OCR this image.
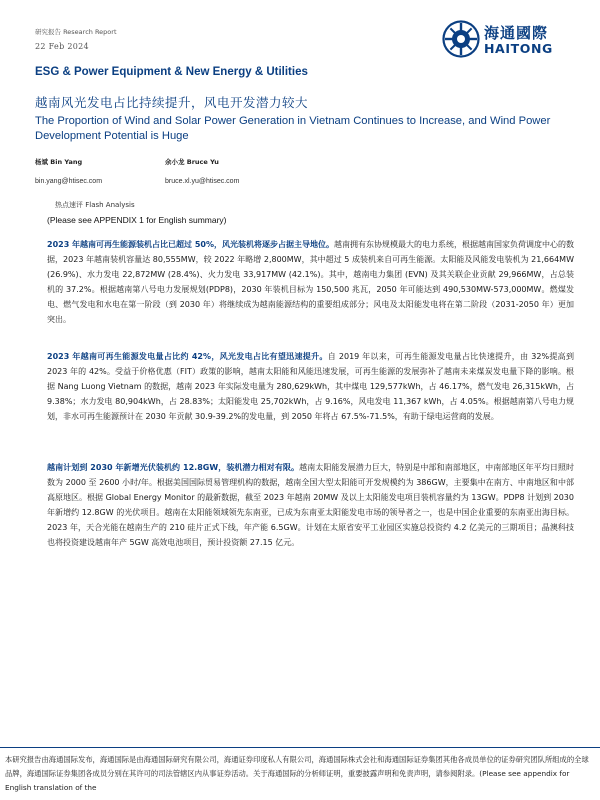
研究报告 Research Report
22 Feb 2024
海通國際
HAITONG
ESG & Power Equipment & New Energy & Utilities
越南风光发电占比持续提升，风电开发潜力较大
The Proportion of Wind and Solar Power Generation in Vietnam Continues to Increase, and Wind Power Development Potential is Huge
杨斌 Bin Yang
bin.yang@htisec.com
余小龙 Bruce Yu
bruce.xl.yu@htisec.com
热点速评 Flash Analysis
(Please see APPENDIX 1 for English summary)
2023 年越南可再生能源装机占比已超过 50%，风光装机将逐步占据主导地位。越南拥有东协规模最大的电力系统，根据越南国家负荷调度中心的数据，2023 年越南装机容量达 80,555MW，较 2022 年略增 2,800MW，其中超过 5 成装机来自可再生能源。太阳能及风能发电装机为 21,664MW (26.9%)、水力发电 22,872MW (28.4%)、火力发电 33,917MW (42.1%)。其中，越南电力集团 (EVN) 及其关联企业贡献 29,966MW，占总装机的 37.2%。根据越南第八号电力发展规划(PDP8)，2030 年装机目标为 150,500 兆瓦，2050 年可能达到 490,530MW-573,000MW。燃煤发电、燃气发电和水电在第一阶段（到 2030 年）将继续成为越南能源结构的重要组成部分；风电及太阳能发电将在第二阶段（2031-2050 年）更加突出。
2023 年越南可再生能源发电量占比约 42%，风光发电占比有望迅速提升。自 2019 年以来，可再生能源发电量占比快速提升，由 32%提高到 2023 年的 42%。受益于价格优惠（FIT）政策的影响，越南太阳能和风能迅速发展，可再生能源的发展弥补了越南未来煤炭发电量下降的影响。根据 Nang Luong Vietnam 的数据，越南 2023 年实际发电量为 280,629kWh，其中煤电 129,577kWh，占 46.17%，燃气发电 26,315kWh，占 9.38%；水力发电 80,904kWh，占 28.83%；太阳能发电 25,702kWh，占 9.16%，风电发电 11,367 kWh，占 4.05%。根据越南第八号电力规划，非水可再生能源预计在 2030 年贡献 30.9-39.2%的发电量，到 2050 年将占 67.5%-71.5%，有助于绿电运营商的发展。
越南计划到 2030 年新增光伏装机约 12.8GW，装机潜力相对有限。越南太阳能发展潜力巨大，特别是中部和南部地区，中南部地区年平均日照时数为 2000 至 2600 小时/年。根据美国国际贸易管理机构的数据，越南全国大型太阳能可开发规模约为 386GW，主要集中在南方、中南地区和中部高原地区。根据 Global Energy Monitor 的最新数据，截至 2023 年越南 20MW 及以上太阳能发电项目装机容量约为 13GW。PDP8 计划到 2030 年新增约 12.8GW 的光伏项目。越南在太阳能领域领先东南亚，已成为东南亚太阳能发电市场的领导者之一，也是中国企业重要的东南亚出海目标。2023 年，天合光能在越南生产的 210 硅片正式下线，年产能 6.5GW。计划在太原省安平工业园区实施总投资约 4.2 亿美元的三期项目；晶澳科技也将投资建设越南年产 5GW 高效电池项目，预计投资额 27.15 亿元。
本研究报告由海通国际发布，海通国际是由海通国际研究有限公司，海通证券印度私人有限公司，海通国际株式会社和海通国际证券集团其他各成员单位的证券研究团队所组成的全球品牌，海通国际证券集团各成员分别在其许可的司法管辖区内从事证券活动。关于海通国际的分析师证明，重要披露声明和免责声明，请参阅附录。(Please see appendix for English translation of the
